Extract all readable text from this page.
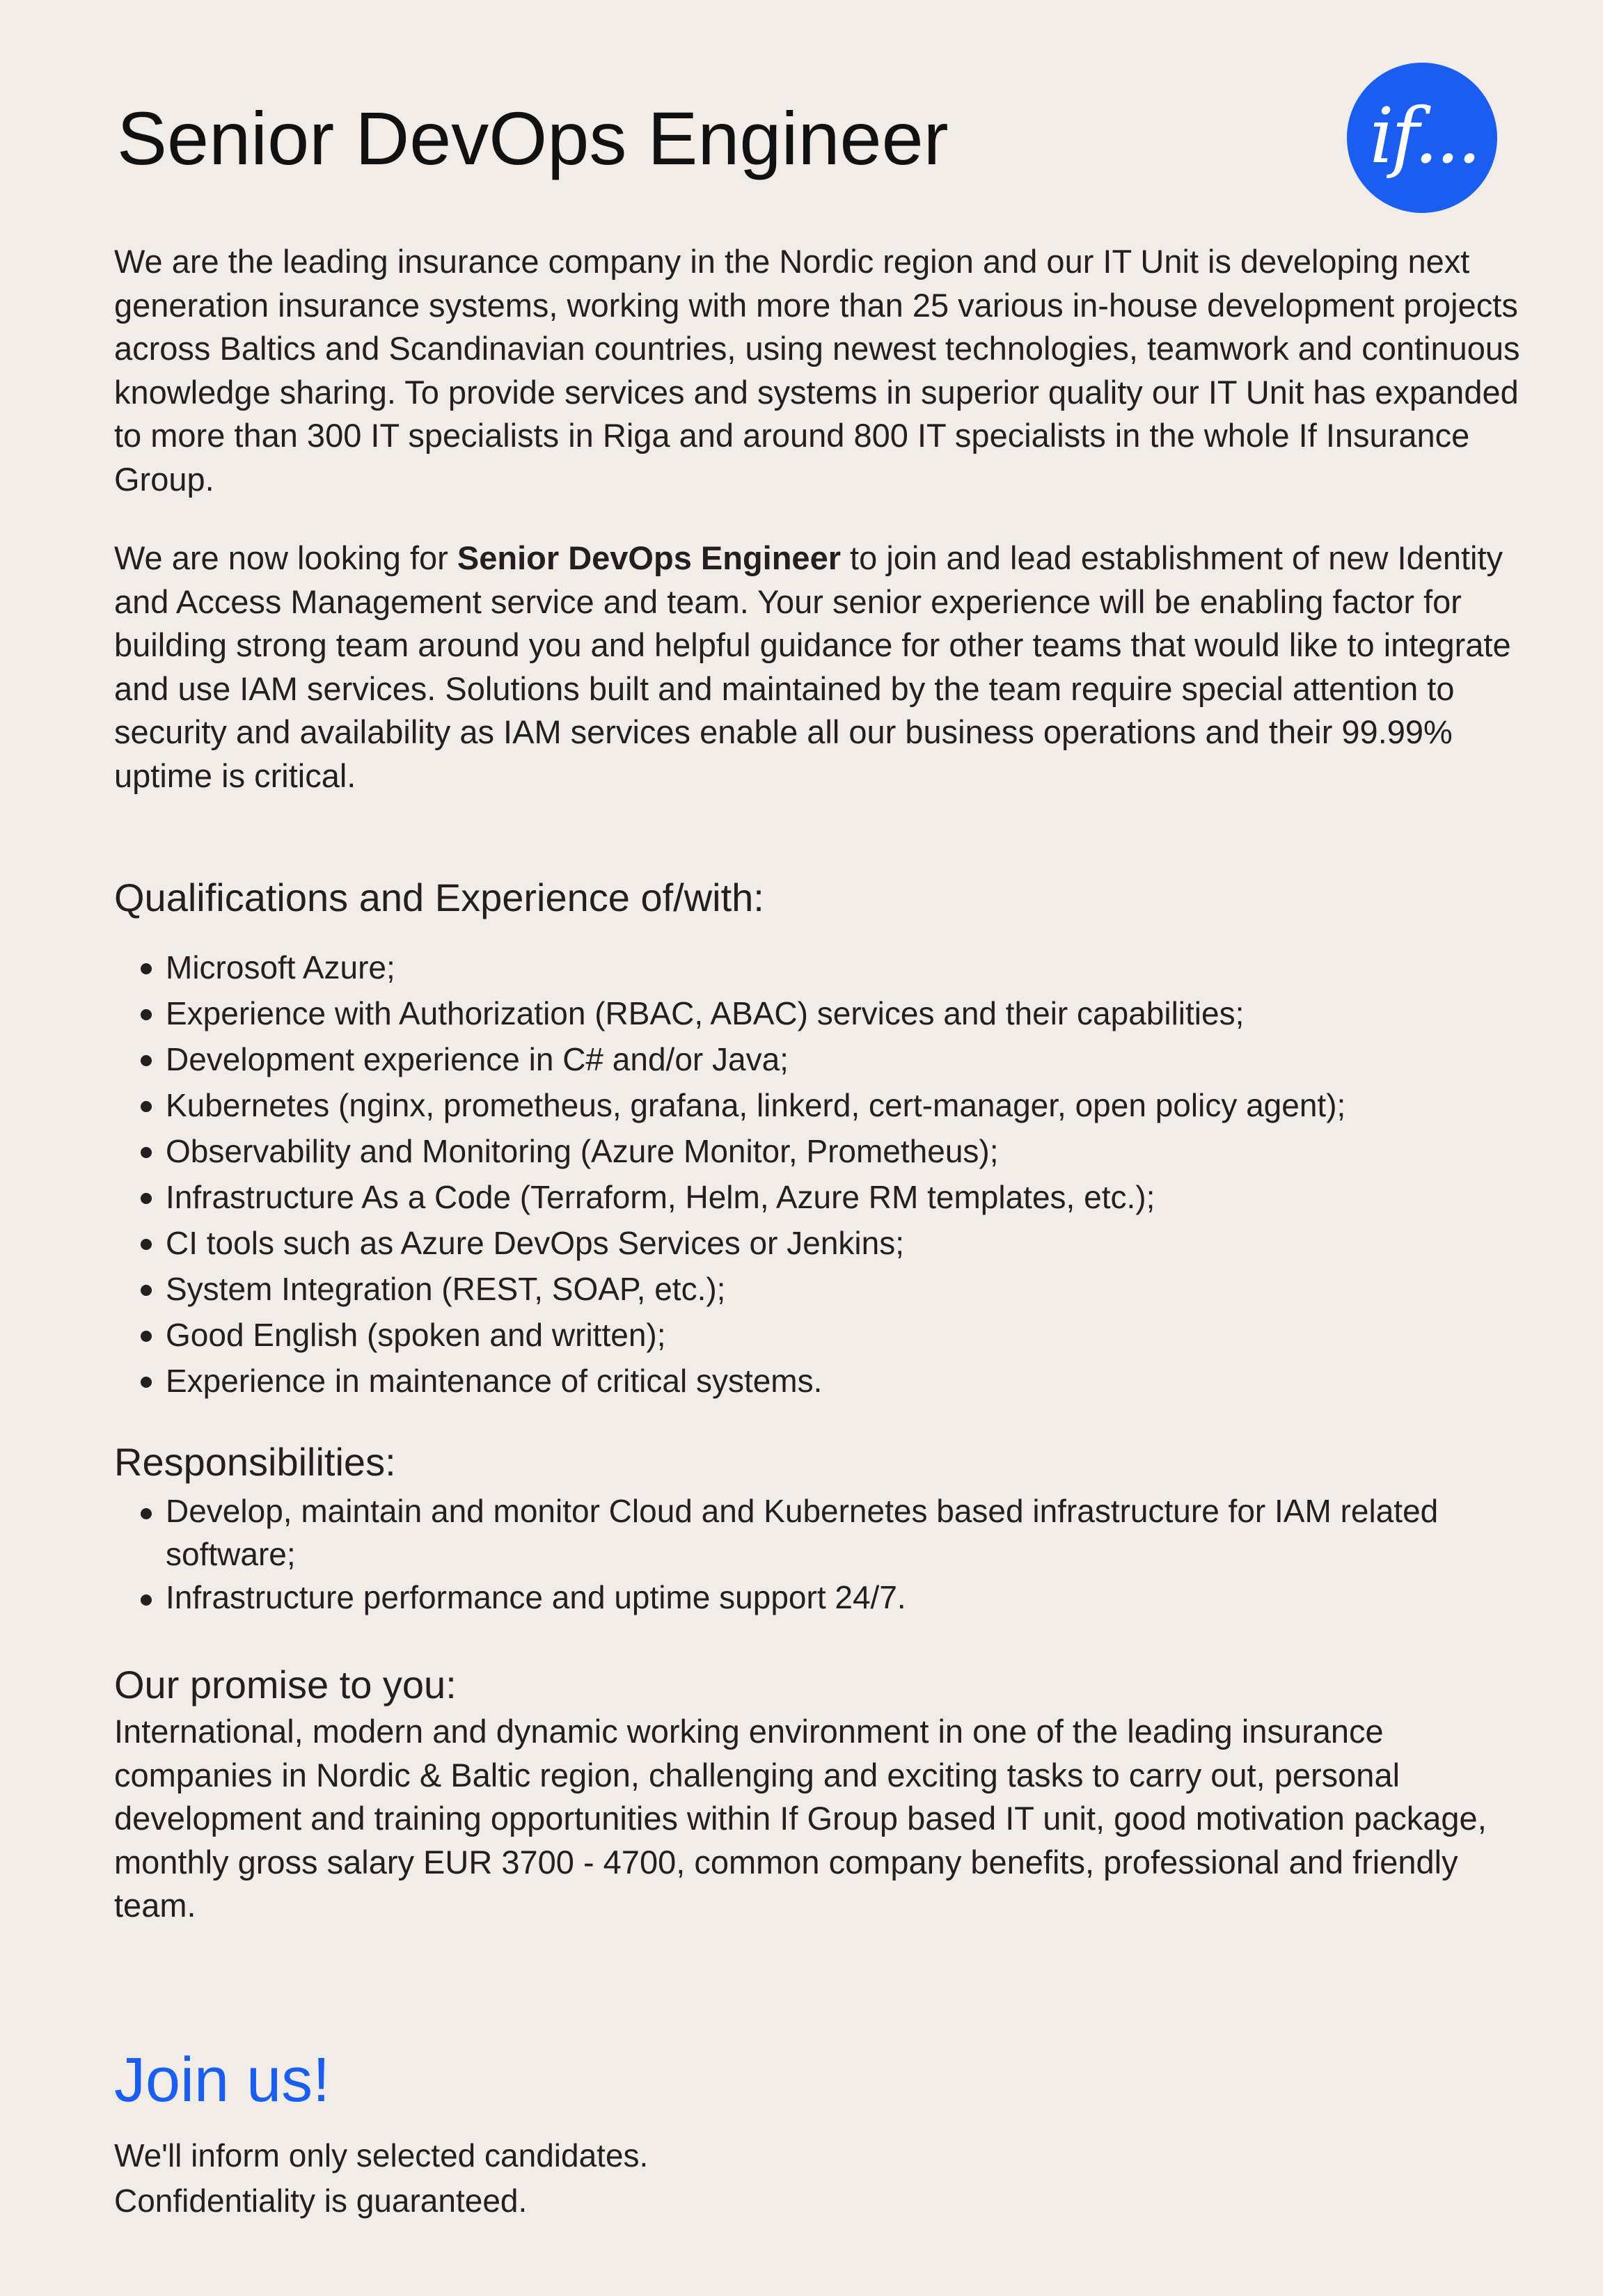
Senior DevOps Engineer	if...

We are the leading insurance company in the Nordic region and our IT Unit is developing next generation insurance systems, working with more than 25 various in-house development projects across Baltics and Scandinavian countries, using newest technologies, teamwork and continuous knowledge sharing. To provide services and systems in superior quality our IT Unit has expanded to more than 300 IT specialists in Riga and around 800 IT specialists in the whole If Insurance Group.

We are now looking for Senior DevOps Engineer to join and lead establishment of new Identity and Access Management service and team. Your senior experience will be enabling factor for building strong team around you and helpful guidance for other teams that would like to integrate and use IAM services. Solutions built and maintained by the team require special attention to security and availability as IAM services enable all our business operations and their 99.99% uptime is critical.

Qualifications and Experience of/with:
Microsoft Azure;
Experience with Authorization (RBAC, ABAC) services and their capabilities;
Development experience in C# and/or Java;
Kubernetes (nginx, prometheus, grafana, linkerd, cert-manager, open policy agent);
Observability and Monitoring (Azure Monitor, Prometheus);
Infrastructure As a Code (Terraform, Helm, Azure RM templates, etc.);
CI tools such as Azure DevOps Services or Jenkins;
System Integration (REST, SOAP, etc.);
Good English (spoken and written);
Experience in maintenance of critical systems.
Responsibilities:
Develop, maintain and monitor Cloud and Kubernetes based infrastructure for IAM related software;
Infrastructure performance and uptime support 24/7.
Our promise to you:

International, modern and dynamic working environment in one of the leading insurance companies in Nordic & Baltic region, challenging and exciting tasks to carry out, personal development and training opportunities within If Group based IT unit, good motivation package, monthly gross salary EUR 3700 - 4700, common company benefits, professional and friendly team.

Join us!

We'll inform only selected candidates.

Confidentiality is guaranteed.
